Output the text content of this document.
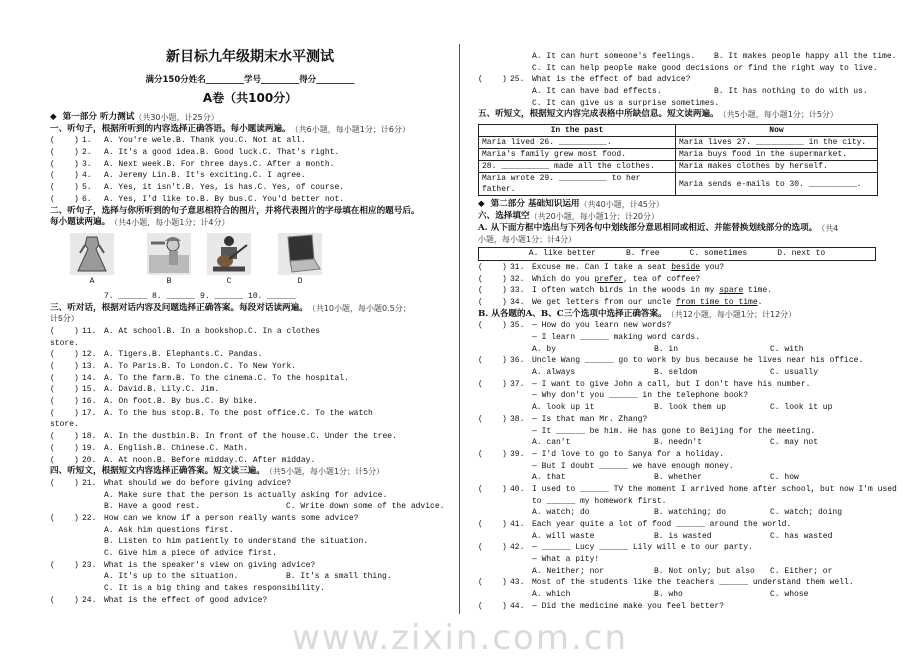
www.zixin.com.cn
新目标九年级期末水平测试
满分150分姓名_________学号_________得分_________
A卷（共100分）
◆ 第一部分 听力测试 （共30小题，计25分）
一、听句子，根据所听到的内容选择正确答语。每小题读两遍。 （共6小题，每小题1分；计6分）
(    ) 1.	A. You're wele. B. Thank you. C. Not at all.
(    ) 2.	A. It's a good idea. B. Good luck. C. That's right.
(    ) 3.	A. Next week. B. For three days. C. After a month.
(    ) 4.	A. Jeremy Lin. B. It's exciting. C. I agree.
(    ) 5.	A. Yes, it isn't. B. Yes, is has. C. Yes, of course.
(    ) 6.	A. Yes, I'd like to. B. By bus. C. You'd better not.
二、听句子，选择与你所听到的句子意思相符合的图片，并将代表图片的字母填在相应的题号后。
每小题读两遍。 （共4小题，每小题1分；计4分）
A	B	C	D
7. ______ 8. ______ 9. ______ 10. ______
三、听对话，根据对话内容及问题选择正确答案。每段对话读两遍。 （共10小题，每小题0.5分；
计5分）
(    ) 11. A. At school. B. In a bookshop. C. In a clothes
store.
(    ) 12. A. Tigers. B. Elephants. C. Pandas.
(    ) 13. A. To Paris. B. To London. C. To New York.
(    ) 14. A. To the farm. B. To the cinema. C. To the hospital.
(    ) 15. A. David. B. Lily. C. Jim.
(    ) 16. A. On foot. B. By bus. C. By bike.
(    ) 17. A. To the bus stop. B. To the post office. C. To the watch
store.
(    ) 18. A. In the dustbin. B. In front of the house. C. Under the tree.
(    ) 19. A. English. B. Chinese. C. Math.
(    ) 20. A. At noon. B. Before midday. C. After midday.
四、听短文，根据短文内容选择正确答案。短文读三遍。 （共5小题，每小题1分；计5分）
(    ) 21. What should we do before giving advice?
A. Make sure that the person is actually asking for advice.
B. Have a good rest.	C. Write down some of the advice.
(    ) 22. How can we know if a person really wants some advice?
A. Ask him questions first.
B. Listen to him patiently to understand the situation.
C. Give him a piece of advice first.
(    ) 23. What is the speaker's view on giving advice?
A. It's up to the situation.	B. It's a small thing.
C. It is a big thing and takes responsibility.
(    ) 24. What is the effect of good advice?
A. It can hurt someone's feelings.	B. It makes people happy all the time.
C. It can help people make good decisions or find the right way to live.
(    ) 25. What is the effect of bad advice?
A. It can have bad effects.	B. It has nothing to do with us.
C. It can give us a surprise sometimes.
五、听短文，根据短文内容完成表格中所缺信息。短文读两遍。 （共5小题，每小题1分；计5分）
In the past	Now
Maria lived 26. __________.	Maria lives 27. __________ in the city.
Maria's family grew most food.	Maria buys food in the supermarket.
28. __________ made all the clothes.	Maria makes clothes by herself.
Maria wrote 29. __________ to her father.	Maria sends e-mails to 30. __________.
◆ 第二部分 基础知识运用 （共40小题，计45分）
六、选择填空 （共20小题，每小题1分；计20分）
A. 从下面方框中选出与下列各句中划线部分意思相同或相近、并能替换划线部分的选项。 （共4
小题，每小题1分；计4分）
A. like better	B. free	C. sometimes	D. next to
(    ) 31. Excuse me. Can I take a seat beside you?
(    ) 32. Which do you prefer, tea of coffee?
(    ) 33. I often watch birds in the woods in my spare time.
(    ) 34. We get letters from our uncle from time to time.
B. 从各题的A、B、C三个选项中选择正确答案。 （共12小题，每小题1分；计12分）
(    ) 35. — How do you learn new words?
— I learn ______ making word cards.
A. by	B. in	C. with
(    ) 36. Uncle Wang ______ go to work by bus because he lives near his office.
A. always	B. seldom	C. usually
(    ) 37. — I want to give John a call, but I don't have his number.
— Why don't you ______ in the telephone book?
A. look up it	B. look them up	C. look it up
(    ) 38. — Is that man Mr. Zhang?
— It ______ be him. He has gone to Beijing for the meeting.
A. can't	B. needn't	C. may not
(    ) 39. — I'd love to go to Sanya for a holiday.
— But I doubt ______ we have enough money.
A. that	B. whether	C. how
(    ) 40. I used to ______ TV the moment I arrived home after school, but now I'm used
to ______ my homework first.
A. watch; do	B. watching; do	C. watch; doing
(    ) 41. Each year quite a lot of food ______ around the world.
A. will waste	B. is wasted	C. has wasted
(    ) 42. — ______ Lucy ______ Lily will e to our party.
— What a pity!
A. Neither; nor	B. Not only; but also	C. Either; or
(    ) 43. Most of the students like the teachers ______ understand them well.
A. which	B. who	C. whose
(    ) 44. — Did the medicine make you feel better?
